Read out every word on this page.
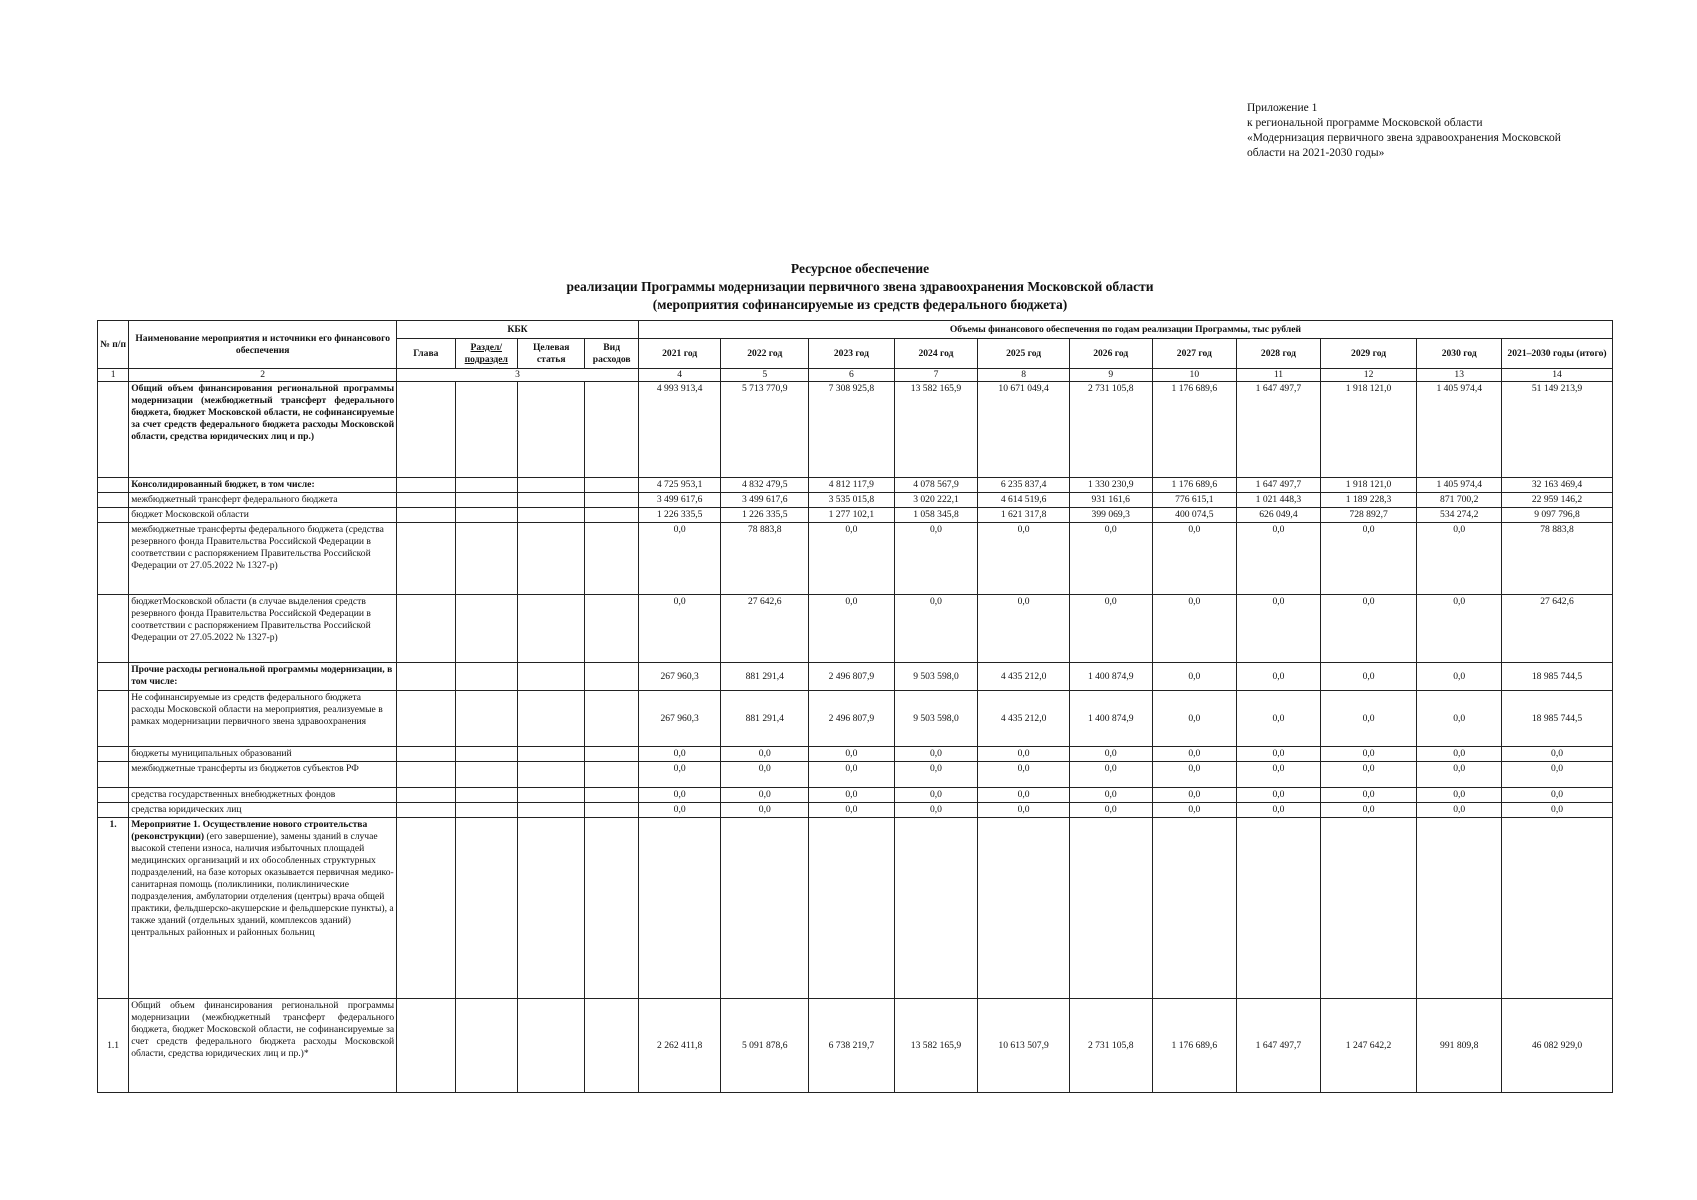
Приложение 1
к региональной программе Московской области
«Модернизация первичного звена здравоохранения Московской
области на 2021-2030 годы»
Ресурсное обеспечение
реализации Программы модернизации первичного звена здравоохранения Московской области
(мероприятия софинансируемые из средств федерального бюджета)
№ п/п	Наименование мероприятия и источники его финансового обеспечения	КБК				Объемы финансового обеспечения по годам реализации Программы, тыс рублей										
		Глава	Раздел/ подраздел	Целевая статья	Вид расходов	2021 год	2022 год	2023 год	2024 год	2025 год	2026 год	2027 год	2028 год	2029 год	2030 год	2021–2030 годы (итого)
1	2	3				4	5	6	7	8	9	10	11	12	13	14
	Общий объем финансирования региональной программы модернизации (межбюджетный трансферт федерального бюджета, бюджет Московской области, не софинансируемые за счет средств федерального бюджета расходы Московской области, средства юридических лиц и пр.)					4 993 913,4	5 713 770,9	7 308 925,8	13 582 165,9	10 671 049,4	2 731 105,8	1 176 689,6	1 647 497,7	1 918 121,0	1 405 974,4	51 149 213,9
	Консолидированный бюджет, в том числе:					4 725 953,1	4 832 479,5	4 812 117,9	4 078 567,9	6 235 837,4	1 330 230,9	1 176 689,6	1 647 497,7	1 918 121,0	1 405 974,4	32 163 469,4
	межбюджетный трансферт федерального бюджета					3 499 617,6	3 499 617,6	3 535 015,8	3 020 222,1	4 614 519,6	931 161,6	776 615,1	1 021 448,3	1 189 228,3	871 700,2	22 959 146,2
	бюджет Московской области					1 226 335,5	1 226 335,5	1 277 102,1	1 058 345,8	1 621 317,8	399 069,3	400 074,5	626 049,4	728 892,7	534 274,2	9 097 796,8
	межбюджетные трансферты федерального бюджета (средства резервного фонда Правительства Российской Федерации в соответствии с распоряжением Правительства Российской Федерации от 27.05.2022 № 1327-р)					0,0	78 883,8	0,0	0,0	0,0	0,0	0,0	0,0	0,0	0,0	78 883,8
	бюджетМосковской области (в случае выделения средств резервного фонда Правительства Российской Федерации в соответствии с распоряжением Правительства Российской Федерации от 27.05.2022 № 1327-р)					0,0	27 642,6	0,0	0,0	0,0	0,0	0,0	0,0	0,0	0,0	27 642,6
	Прочие расходы региональной программы модернизации, в том числе:					267 960,3	881 291,4	2 496 807,9	9 503 598,0	4 435 212,0	1 400 874,9	0,0	0,0	0,0	0,0	18 985 744,5
	Не софинансируемые из средств федерального бюджета расходы Московской области на мероприятия, реализуемые в рамках модернизации первичного звена здравоохранения					267 960,3	881 291,4	2 496 807,9	9 503 598,0	4 435 212,0	1 400 874,9	0,0	0,0	0,0	0,0	18 985 744,5
	бюджеты муниципальных образований					0,0	0,0	0,0	0,0	0,0	0,0	0,0	0,0	0,0	0,0	0,0
	межбюджетные трансферты из бюджетов субъектов РФ					0,0	0,0	0,0	0,0	0,0	0,0	0,0	0,0	0,0	0,0	0,0
	средства государственных внебюджетных фондов					0,0	0,0	0,0	0,0	0,0	0,0	0,0	0,0	0,0	0,0	0,0
	средства юридических лиц					0,0	0,0	0,0	0,0	0,0	0,0	0,0	0,0	0,0	0,0	0,0
1.	Мероприятие 1. Осуществление нового строительства (реконструкции) (его завершение), замены зданий в случае высокой степени износа, наличия избыточных площадей медицинских организаций и их обособленных структурных подразделений, на базе которых оказывается первичная медико-санитарная помощь (поликлиники, поликлинические подразделения, амбулатории отделения (центры) врача общей практики, фельдшерско-акушерские и фельдшерские пункты), а также зданий (отдельных зданий, комплексов зданий) центральных районных и районных больниц															
1.1	Общий объем финансирования региональной программы модернизации (межбюджетный трансферт федерального бюджета, бюджет Московской области, не софинансируемые за счет средств федерального бюджета расходы Московской области, средства юридических лиц и пр.)*					2 262 411,8	5 091 878,6	6 738 219,7	13 582 165,9	10 613 507,9	2 731 105,8	1 176 689,6	1 647 497,7	1 247 642,2	991 809,8	46 082 929,0
